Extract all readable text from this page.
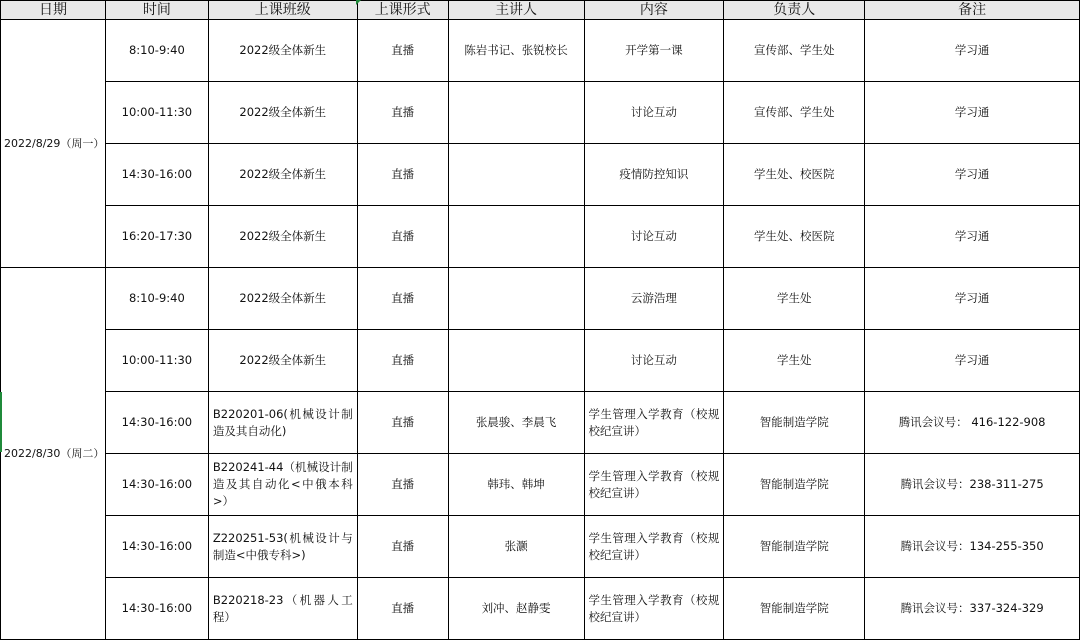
日期	时间	上课班级	上课形式	主讲人	内容	负责人	备注
2022/8/29（周一）	8:10-9:40	2022级全体新生	直播	陈岩书记、张锐校长	开学第一课	宣传部、学生处	学习通
	10:00-11:30	2022级全体新生	直播		讨论互动	宣传部、学生处	学习通
	14:30-16:00	2022级全体新生	直播		疫情防控知识	学生处、校医院	学习通
	16:20-17:30	2022级全体新生	直播		讨论互动	学生处、校医院	学习通
2022/8/30（周二）	8:10-9:40	2022级全体新生	直播		云游浩理	学生处	学习通
	10:00-11:30	2022级全体新生	直播		讨论互动	学生处	学习通
	14:30-16:00	B220201-06(机械设计制造及其自动化)	直播	张晨骏、李晨飞	学生管理入学教育（校规校纪宣讲）	智能制造学院	腾讯会议号： 416-122-908
	14:30-16:00	B220241-44（机械设计制造及其自动化<中俄本科>）	直播	韩玮、韩坤	学生管理入学教育（校规校纪宣讲）	智能制造学院	腾讯会议号：238-311-275
	14:30-16:00	Z220251-53(机械设计与制造<中俄专科>)	直播	张灏	学生管理入学教育（校规校纪宣讲）	智能制造学院	腾讯会议号：134-255-350
	14:30-16:00	B220218-23（机器人工程）	直播	刘冲、赵静雯	学生管理入学教育（校规校纪宣讲）	智能制造学院	腾讯会议号：337-324-329
